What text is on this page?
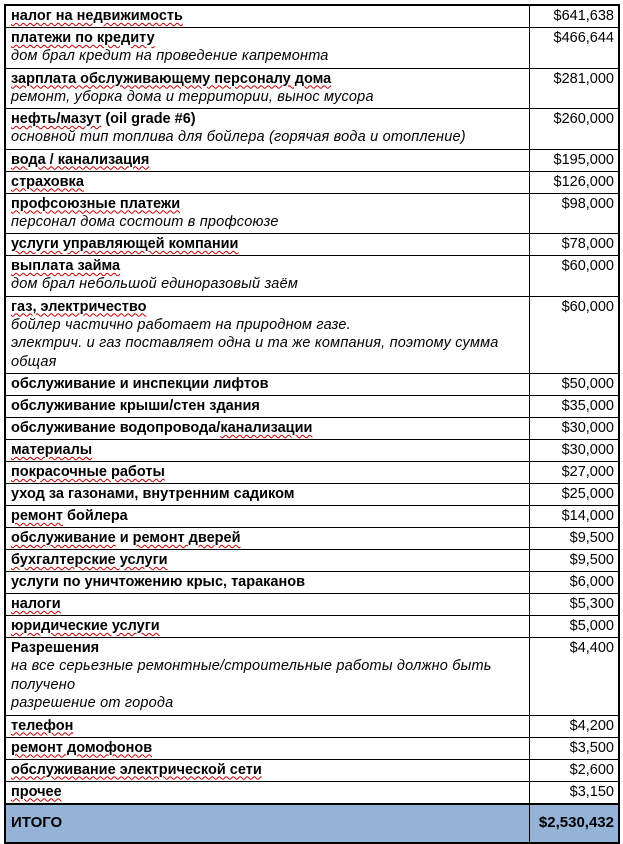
налог на недвижимость	$641,638
платежи по кредиту
дом брал кредит на проведение капремонта	$466,644
зарплата обслуживающему персоналу дома
ремонт, уборка дома и территории, вынос мусора	$281,000
нефть/мазут (oil grade #6)
основной тип топлива для бойлера (горячая вода и отопление)	$260,000
вода / канализация	$195,000
страховка	$126,000
профсоюзные платежи
персонал дома состоит в профсоюзе	$98,000
услуги управляющей компании	$78,000
выплата займа
дом брал небольшой единоразовый заём	$60,000
газ, электричество
бойлер частично работает на природном газе.
электрич. и газ поставляет одна и та же компания, поэтому сумма общая	$60,000
обслуживание и инспекции лифтов	$50,000
обслуживание крыши/стен здания	$35,000
обслуживание водопровода/канализации	$30,000
материалы	$30,000
покрасочные работы	$27,000
уход за газонами, внутренним садиком	$25,000
ремонт бойлера	$14,000
обслуживание и ремонт дверей	$9,500
бухгалтерские услуги	$9,500
услуги по уничтожению крыс, тараканов	$6,000
налоги	$5,300
юридические услуги	$5,000
Разрешения
на все серьезные ремонтные/строительные работы должно быть получено
разрешение от города	$4,400
телефон	$4,200
ремонт домофонов	$3,500
обслуживание электрической сети	$2,600
прочее	$3,150
ИТОГО	$2,530,432
